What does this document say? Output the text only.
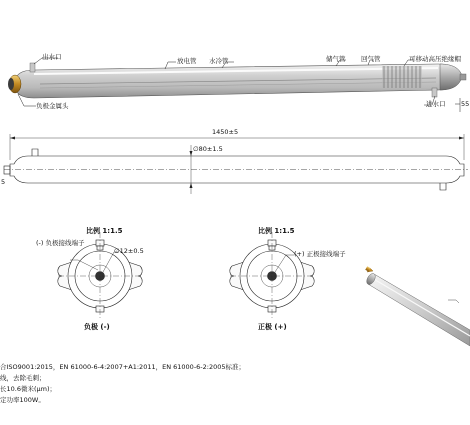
出水口	放电管 水冷管	储气管 回气管	可移动高压绝缘帽
负极金属头	进水口 55
1450±5
∅80±1.5
5
比例 1:1.5
(-) 负极接线端子
∅12±0.5
负极 (-)
比例 1:1.5
(+) 正极接线端子
正极 (+)
合ISO9001:2015，EN 61000-6-4:2007+A1:2011，EN 61000-6-2:2005标准；
线，去除毛刺；
长10.6微米(μm)；
定功率100W。
